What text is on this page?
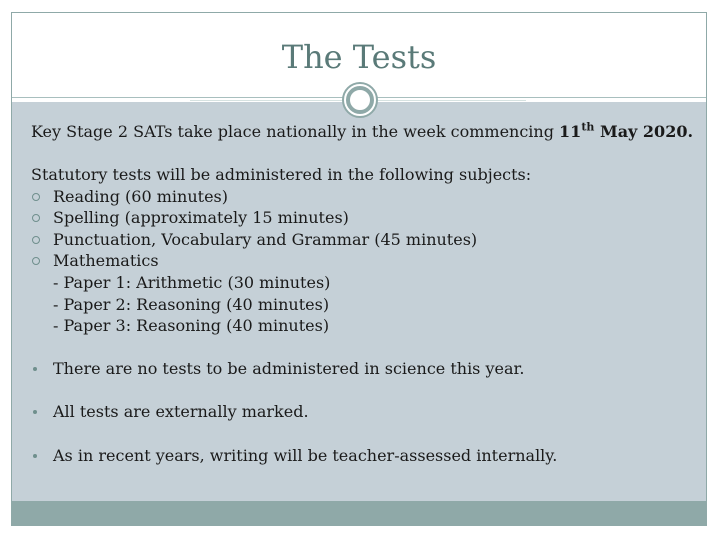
The Tests
Key Stage 2 SATs take place nationally in the week commencing 11th May 2020.
Statutory tests will be administered in the following subjects:
Reading (60 minutes)
Spelling (approximately 15 minutes)
Punctuation, Vocabulary and Grammar (45 minutes)
Mathematics
- Paper 1: Arithmetic (30 minutes)
- Paper 2: Reasoning (40 minutes)
- Paper 3: Reasoning (40 minutes)
There are no tests to be administered in science this year.
All tests are externally marked.
As in recent years, writing will be teacher-assessed internally.
